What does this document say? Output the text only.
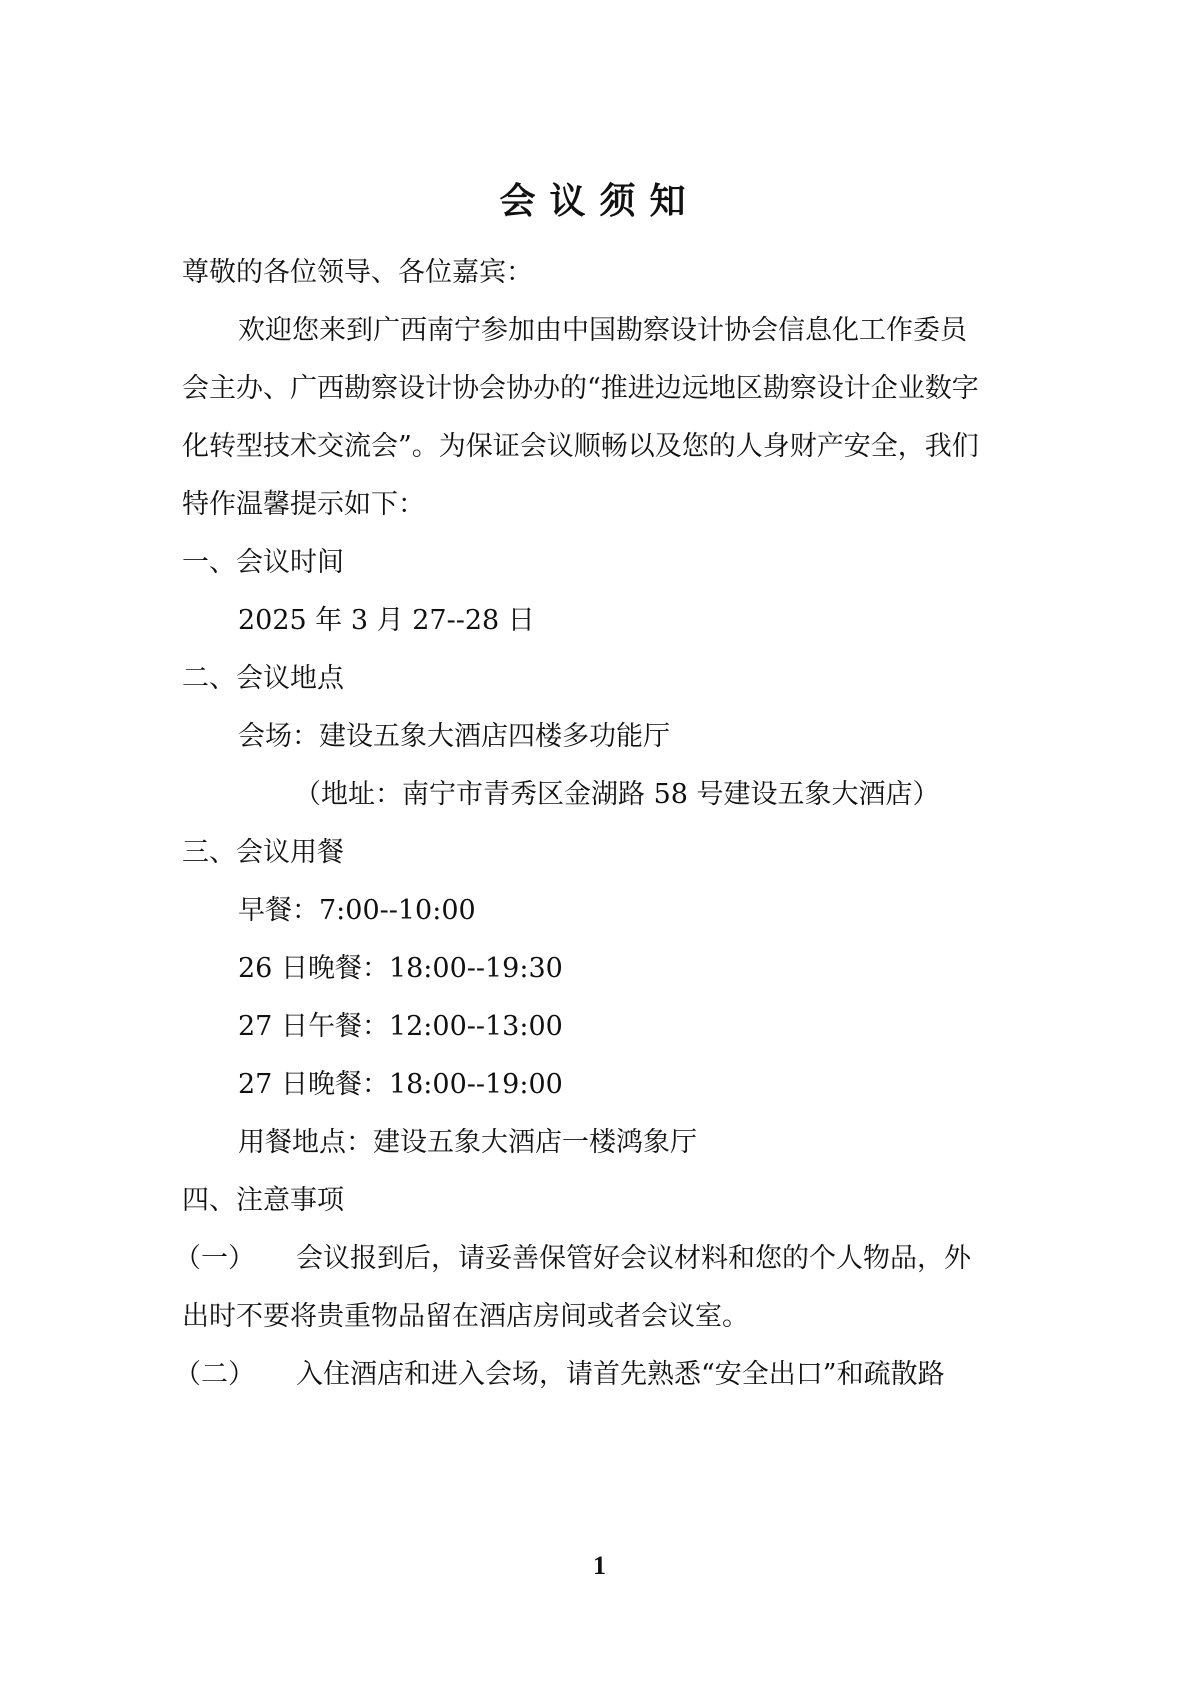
会议须知
尊敬的各位领导、各位嘉宾：
欢迎您来到广西南宁参加由中国勘察设计协会信息化工作委员
会主办、广西勘察设计协会协办的“推进边远地区勘察设计企业数字
化转型技术交流会”。为保证会议顺畅以及您的人身财产安全，我们
特作温馨提示如下：
一、会议时间
2025 年 3 月 27--28 日
二、会议地点
会场：建设五象大酒店四楼多功能厅
（地址：南宁市青秀区金湖路 58 号建设五象大酒店）
三、会议用餐
早餐：7:00--10:00
26 日晚餐：18:00--19:30
27 日午餐：12:00--13:00
27 日晚餐：18:00--19:00
用餐地点：建设五象大酒店一楼鸿象厅
四、注意事项
（一） 会议报到后，请妥善保管好会议材料和您的个人物品，外
出时不要将贵重物品留在酒店房间或者会议室。
（二） 入住酒店和进入会场，请首先熟悉“安全出口”和疏散路
1
